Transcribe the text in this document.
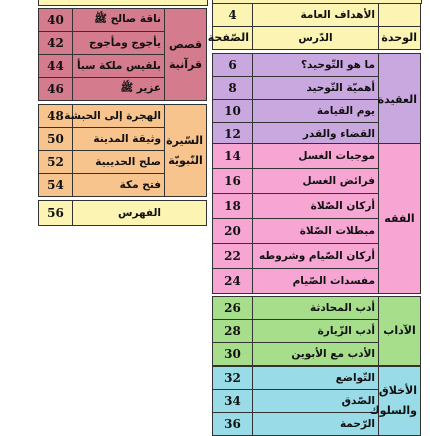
قصص قرآنية	ناقة صالح ﷺ	40
	يأجوج ومأجوج	42
	بلقيس ملكة سبأ	44
	عزير ﷺ	46
السّيرة النّبويّة	الهجرة إلى الحبشة	48
	وثيقة المدينة	50
	صلح الحديبية	52
	فتح مكة	54
الفهرس	56
	الأهداف العامة	4
الوحدة	الدّرس	الصّفحة
العقيدة	ما هو التّوحيد؟	6
	أهميّة التّوحيد	8
	يوم القيامة	10
	القضاء والقدر	12
الفقه	موجبات الغسل	14
	فرائض الغسل	16
	أركان الصّلاة	18
	مبطلات الصّلاة	20
	أركان الصّيام وشروطه	22
	مفسدات الصّيام	24
الآداب	أدب المحادثة	26
	أدب الزّيارة	28
	الأدب مع الأبوين	30
الأخلاق والسلوك	التّواضع	32
	الصّدق	34
	الرّحمة	36
